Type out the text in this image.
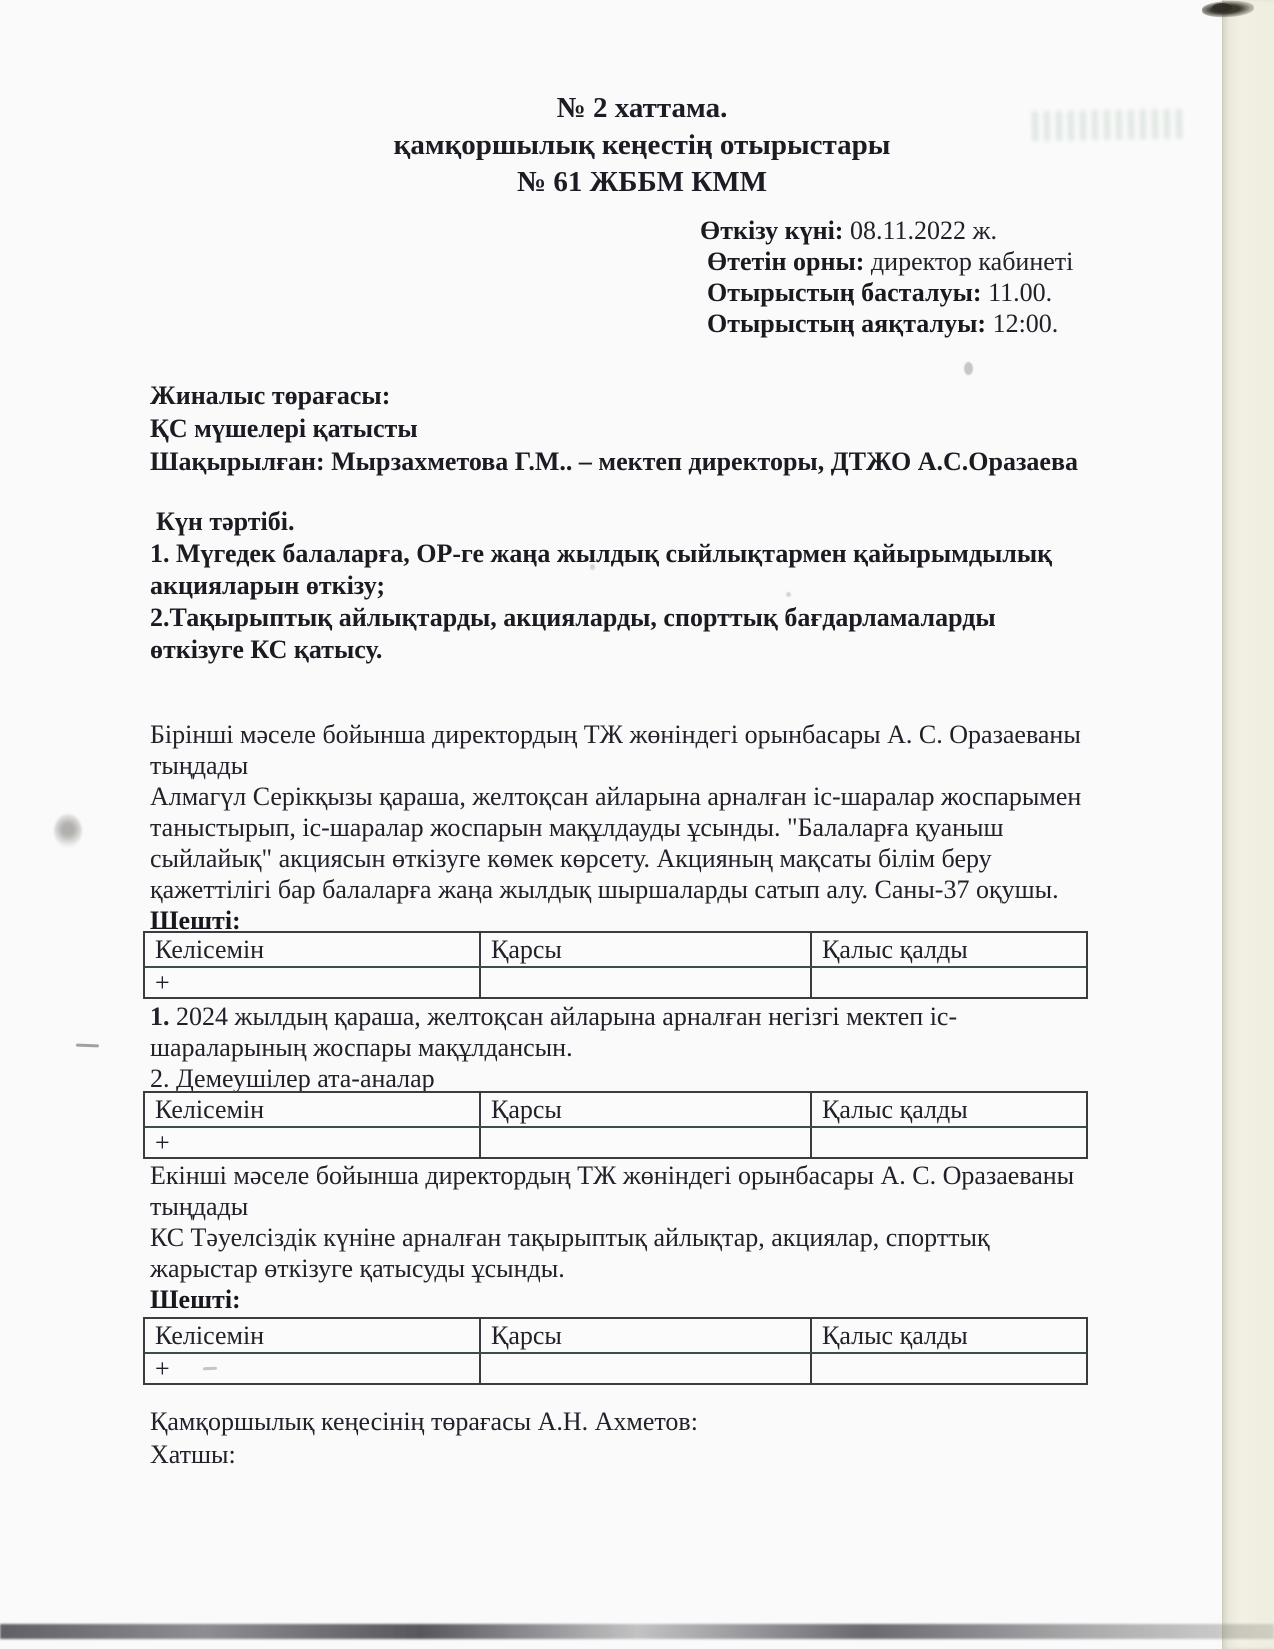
№ 2 хаттама.
қамқоршылық кеңестің отырыстары
№ 61 ЖББМ КММ
Өткізу күні: 08.11.2022 ж.
Өтетін орны: директор кабинеті
Отырыстың басталуы: 11.00.
Отырыстың аяқталуы: 12:00.
Жиналыс төрағасы:
ҚС мүшелері қатысты
Шақырылған: Мырзахметова Г.М.. – мектеп директоры, ДТЖО А.С.Оразаева
Күн тәртібі.
1. Мүгедек балаларға, ОР-ге жаңа жылдық сыйлықтармен қайырымдылық
акцияларын өткізу;
2.Тақырыптық айлықтарды, акцияларды, спорттық бағдарламаларды
өткізуге КС қатысу.
Бірінші мәселе бойынша директордың ТЖ жөніндегі орынбасары А. С. Оразаеваны
тыңдады
Алмагүл Серікқызы қараша, желтоқсан айларына арналған іс-шаралар жоспарымен
таныстырып, іс-шаралар жоспарын мақұлдауды ұсынды. "Балаларға қуаныш
сыйлайық" акциясын өткізуге көмек көрсету. Акцияның мақсаты білім беру
қажеттілігі бар балаларға жаңа жылдық шыршаларды сатып алу. Саны-37 оқушы.
Шешті:
Келісемін	Қарсы	Қалыс қалды
+
1. 2024 жылдың қараша, желтоқсан айларына арналған негізгі мектеп іс-
шараларының жоспары мақұлдансын.
2. Демеушілер ата-аналар
Келісемін	Қарсы	Қалыс қалды
+
Екінші мәселе бойынша директордың ТЖ жөніндегі орынбасары А. С. Оразаеваны
тыңдады
КС Тәуелсіздік күніне арналған тақырыптық айлықтар, акциялар, спорттық
жарыстар өткізуге қатысуды ұсынды.
Шешті:
Келісемін	Қарсы	Қалыс қалды
+
Қамқоршылық кеңесінің төрағасы А.Н. Ахметов:
Хатшы:
